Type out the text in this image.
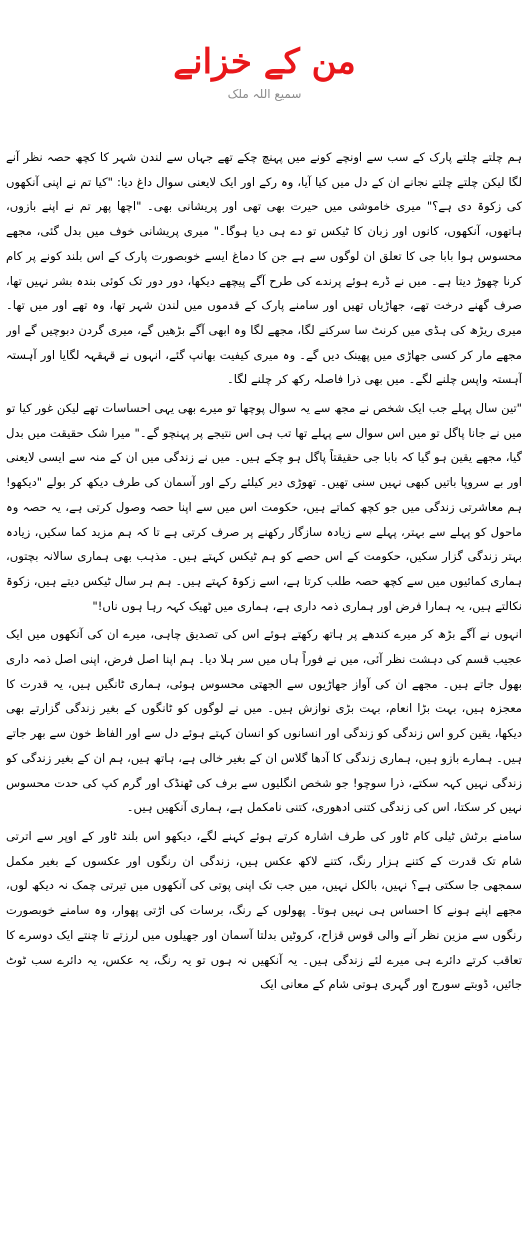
من کے خزانے
سمیع اللہ ملک

ہم چلتے چلتے پارک کے سب سے اونچے کونے میں پہنچ چکے تھے جہاں سے لندن شہر کا کچھ حصہ نظر آنے لگا لیکن چلتے چلتے نجانے ان کے دل میں کیا آیا، وہ رکے اور ایک لایعنی سوال داغ دیا: "کیا تم نے اپنی آنکھوں کی زکوۃ دی ہے؟" میری خاموشی میں حیرت بھی تھی اور پریشانی بھی۔ "اچھا پھر تم نے اپنے بازوں، ہاتھوں، آنکھوں، کانوں اور زبان کا ٹیکس تو دے ہی دیا ہوگا۔" میری پریشانی خوف میں بدل گئی، مجھے محسوس ہوا بابا جی کا تعلق ان لوگوں سے ہے جن کا دماغ ایسے خوبصورت پارک کے اس بلند کونے پر کام کرنا چھوڑ دیتا ہے۔ میں نے ڈرے ہوئے پرندے کی طرح آگے پیچھے دیکھا، دور دور تک کوئی بندہ بشر نہیں تھا، صرف گھنے درخت تھے، جھاڑیاں تھیں اور سامنے پارک کے قدموں میں لندن شہر تھا، وہ تھے اور میں تھا۔ میری ریڑھ کی ہڈی میں کرنٹ سا سرکنے لگا، مجھے لگا وہ ابھی آگے بڑھیں گے، میری گردن دبوچیں گے اور مجھے مار کر کسی جھاڑی میں پھینک دیں گے۔ وہ میری کیفیت بھانپ گئے، انہوں نے قہقہہ لگایا اور آہستہ آہستہ واپس چلنے لگے۔ میں بھی ذرا فاصلہ رکھ کر چلنے لگا۔

"تین سال پہلے جب ایک شخص نے مجھ سے یہ سوال پوچھا تو میرے بھی یہی احساسات تھے لیکن غور کیا تو میں نے جانا پاگل تو میں اس سوال سے پہلے تھا تب ہی اس نتیجے پر پہنچو گے۔" میرا شک حقیقت میں بدل گیا، مجھے یقین ہو گیا کہ بابا جی حقیقتاً پاگل ہو چکے ہیں۔ میں نے زندگی میں ان کے منہ سے ایسی لایعنی اور بے سروپا باتیں کبھی نہیں سنی تھیں۔ تھوڑی دیر کیلئے رکے اور آسمان کی طرف دیکھ کر بولے "دیکھو! ہم معاشرتی زندگی میں جو کچھ کماتے ہیں، حکومت اس میں سے اپنا حصہ وصول کرتی ہے، یہ حصہ وہ ماحول کو پہلے سے بہتر، پہلے سے زیادہ سازگار رکھنے پر صرف کرتی ہے تا کہ ہم مزید کما سکیں، زیادہ بہتر زندگی گزار سکیں، حکومت کے اس حصے کو ہم ٹیکس کہتے ہیں۔ مذہب بھی ہماری سالانہ بچتوں، ہماری کمائیوں میں سے کچھ حصہ طلب کرتا ہے، اسے زکوۃ کہتے ہیں۔ ہم ہر سال ٹیکس دیتے ہیں، زکوۃ نکالتے ہیں، یہ ہمارا فرض اور ہماری ذمہ داری ہے، ہماری میں ٹھیک کہہ رہا ہوں ناں!"

انہوں نے آگے بڑھ کر میرے کندھے پر ہاتھ رکھتے ہوئے اس کی تصدیق چاہی، میرے ان کی آنکھوں میں ایک عجیب قسم کی دہشت نظر آئی، میں نے فوراً ہاں میں سر ہلا دیا۔ ہم اپنا اصل فرض، اپنی اصل ذمہ داری بھول جاتے ہیں۔ مجھے ان کی آواز جھاڑیوں سے الجھتی محسوس ہوئی، ہماری ٹانگیں ہیں، یہ قدرت کا معجزہ ہیں، بہت بڑا انعام، بہت بڑی نوازش ہیں۔ میں نے لوگوں کو ٹانگوں کے بغیر زندگی گزارتے بھی دیکھا، یقین کرو اس زندگی کو زندگی اور انسانوں کو انسان کہتے ہوئے دل سے اور الفاظ خون سے بھر جاتے ہیں۔ ہمارے بازو ہیں، ہماری زندگی کا آدھا گلاس ان کے بغیر خالی ہے، ہاتھ ہیں، ہم ان کے بغیر زندگی کو زندگی نہیں کہہ سکتے، ذرا سوچو! جو شخص انگلیوں سے برف کی ٹھنڈک اور گرم کپ کی حدت محسوس نہیں کر سکتا، اس کی زندگی کتنی ادھوری، کتنی نامکمل ہے، ہماری آنکھیں ہیں۔

سامنے برٹش ٹیلی کام ٹاور کی طرف اشارہ کرتے ہوئے کہنے لگے، دیکھو اس بلند ٹاور کے اوپر سے اترتی شام تک قدرت کے کتنے ہزار رنگ، کتنے لاکھ عکس ہیں، زندگی ان رنگوں اور عکسوں کے بغیر مکمل سمجھی جا سکتی ہے؟ نہیں، بالکل نہیں، میں جب تک اپنی پوتی کی آنکھوں میں تیرتی چمک نہ دیکھ لوں، مجھے اپنے ہونے کا احساس ہی نہیں ہوتا۔ پھولوں کے رنگ، برسات کی اڑتی پھوار، وہ سامنے خوبصورت رنگوں سے مزین نظر آنے والی قوس قزاح، کروٹیں بدلتا آسمان اور جھیلوں میں لرزتے تا چنتے ایک دوسرے کا تعاقب کرتے دائرے ہی میرے لئے زندگی ہیں۔ یہ آنکھیں نہ ہوں تو یہ رنگ، یہ عکس، یہ دائرے سب ٹوٹ جائیں، ڈوبتے سورج اور گہری ہوتی شام کے معانی ایک
